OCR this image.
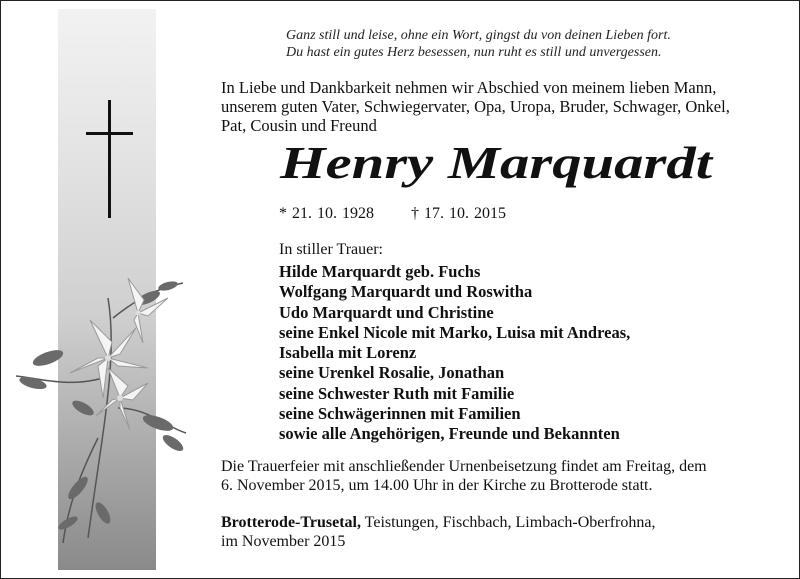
Ganz still und leise, ohne ein Wort, gingst du von deinen Lieben fort.
Du hast ein gutes Herz besessen, nun ruht es still und unvergessen.
In Liebe und Dankbarkeit nehmen wir Abschied von meinem lieben Mann,
unserem guten Vater, Schwiegervater, Opa, Uropa, Bruder, Schwager, Onkel,
Pat, Cousin und Freund
Henry Marquardt
* 21. 10. 1928 † 17. 10. 2015
In stiller Trauer:
Hilde Marquardt geb. Fuchs
Wolfgang Marquardt und Roswitha
Udo Marquardt und Christine
seine Enkel Nicole mit Marko, Luisa mit Andreas,
Isabella mit Lorenz
seine Urenkel Rosalie, Jonathan
seine Schwester Ruth mit Familie
seine Schwägerinnen mit Familien
sowie alle Angehörigen, Freunde und Bekannten
Die Trauerfeier mit anschließender Urnenbeisetzung findet am Freitag, dem
6. November 2015, um 14.00 Uhr in der Kirche zu Brotterode statt.
Brotterode-Trusetal, Teistungen, Fischbach, Limbach-Oberfrohna,
im November 2015
